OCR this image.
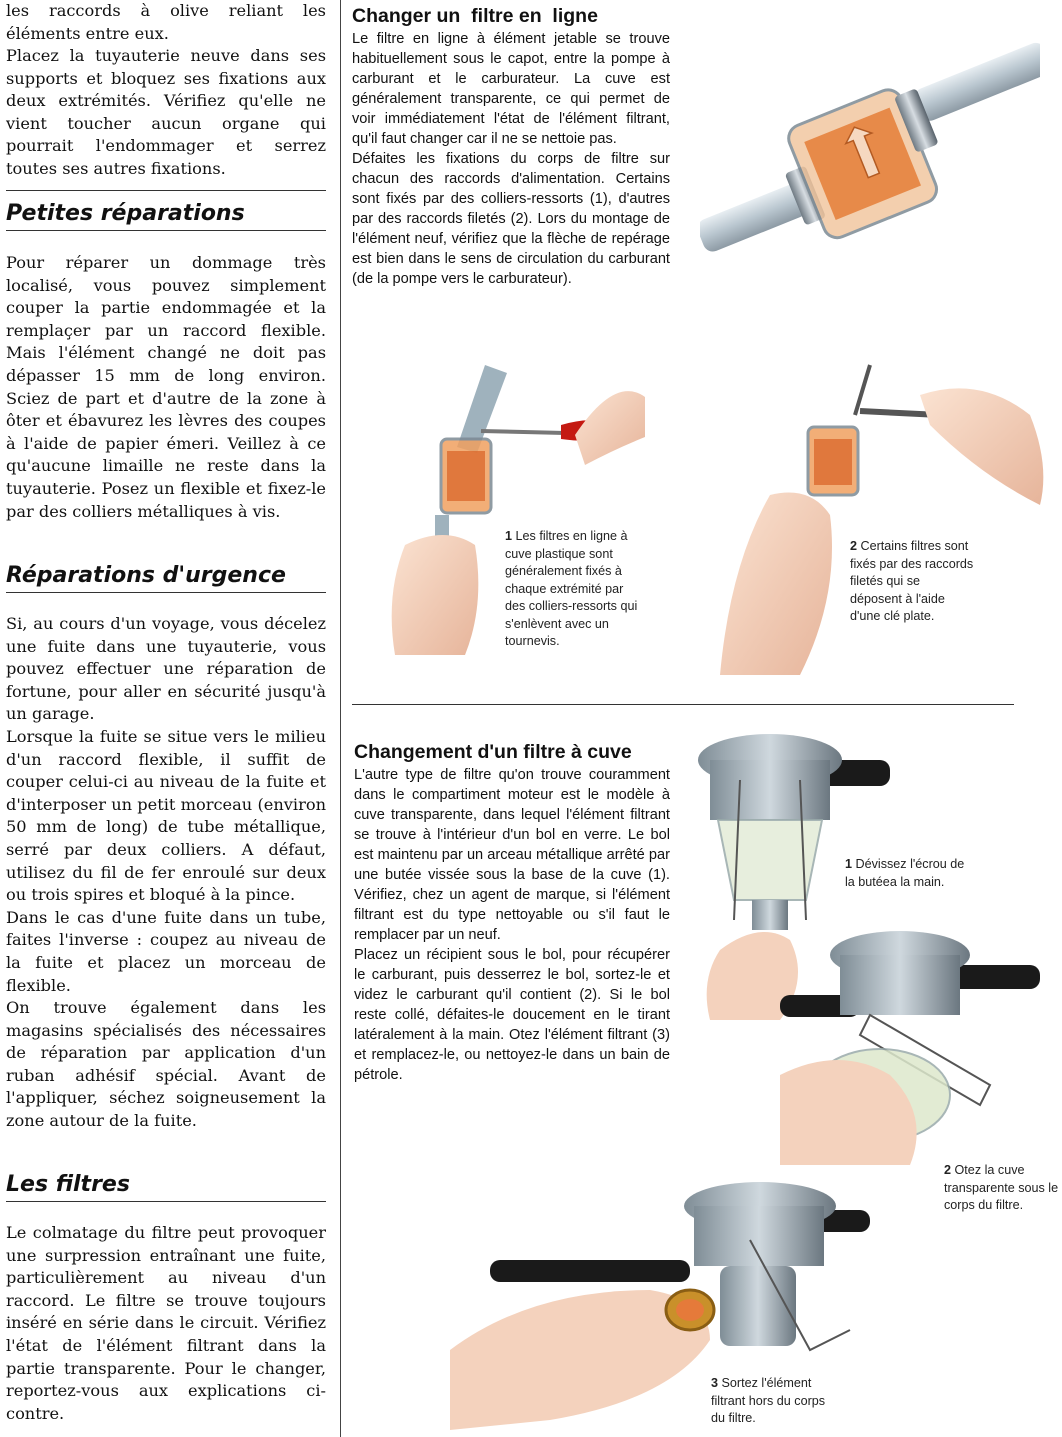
les raccords à olive reliant les éléments entre eux.

Placez la tuyauterie neuve dans ses supports et bloquez ses fixations aux deux extrémités. Vérifiez qu'elle ne vient toucher aucun organe qui pourrait l'endommager et serrez toutes ses autres fixations.

Petites réparations

Pour réparer un dommage très localisé, vous pouvez simplement couper la partie endommagée et la remplaçer par un raccord flexible. Mais l'élément changé ne doit pas dépasser 15 mm de long environ. Sciez de part et d'autre de la zone à ôter et ébavurez les lèvres des coupes à l'aide de papier émeri. Veillez à ce qu'aucune limaille ne reste dans la tuyauterie. Posez un flexible et fixez-le par des colliers métalliques à vis.

Réparations d'urgence

Si, au cours d'un voyage, vous décelez une fuite dans une tuyauterie, vous pouvez effectuer une réparation de fortune, pour aller en sécurité jusqu'à un garage.

Lorsque la fuite se situe vers le milieu d'un raccord flexible, il suffit de couper celui-ci au niveau de la fuite et d'interposer un petit morceau (environ 50 mm de long) de tube métallique, serré par deux colliers. A défaut, utilisez du fil de fer enroulé sur deux ou trois spires et bloqué à la pince.

Dans le cas d'une fuite dans un tube, faites l'inverse : coupez au niveau de la fuite et placez un morceau de flexible.

On trouve également dans les magasins spécialisés des nécessaires de réparation par application d'un ruban adhésif spécial. Avant de l'appliquer, séchez soigneusement la zone autour de la fuite.

Les filtres

Le colmatage du filtre peut provoquer une surpression entraînant une fuite, particulièrement au niveau d'un raccord. Le filtre se trouve toujours inséré en série dans le circuit. Vérifiez l'état de l'élément filtrant dans la partie transparente. Pour le changer, reportez-vous aux explications ci-contre.

Changer un  filtre en  ligne

Le filtre en ligne à élément jetable se trouve habituellement sous le capot, entre la pompe à carburant et le carburateur. La cuve est généralement transparente, ce qui permet de voir immédiatement l'état de l'élément filtrant, qu'il faut changer car il ne se nettoie pas.

Défaites les fixations du corps de filtre sur chacun des raccords d'alimentation. Certains sont fixés par des colliers-ressorts (1), d'autres par des raccords filetés (2). Lors du montage de l'élément neuf, vérifiez que la flèche de repérage est bien dans le sens de circulation du carburant (de la pompe vers le carburateur).

1 Les filtres en ligne à cuve plastique sont généralement fixés à chaque extrémité par des colliers-ressorts qui s'enlèvent avec un tournevis.
2 Certains filtres sont fixés par des raccords filetés qui se déposent à l'aide d'une clé plate.
Changement d'un filtre à cuve

L'autre type de filtre qu'on trouve couramment dans le compartiment moteur est le modèle à cuve transparente, dans lequel l'élément filtrant se trouve à l'intérieur d'un bol en verre. Le bol est maintenu par un arceau métallique arrêté par une butée vissée sous la base de la cuve (1). Vérifiez, chez un agent de marque, si l'élément filtrant est du type nettoyable ou s'il faut le remplacer par un neuf.

Placez un récipient sous le bol, pour récupérer le carburant, puis desserrez le bol, sortez-le et videz le carburant qu'il contient (2). Si le bol reste collé, défaites-le doucement en le tirant latéralement à la main. Otez l'élément filtrant (3) et remplacez-le, ou nettoyez-le dans un bain de pétrole.

1 Dévissez l'écrou de la butéea la main.
2 Otez la cuve transparente sous le corps du filtre.
3 Sortez l'élément filtrant hors du corps du filtre.
